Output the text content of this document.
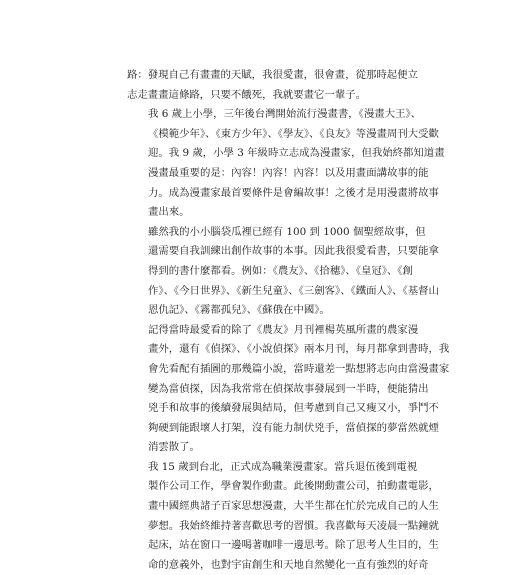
路：發現自己有畫畫的天賦，我很愛畫，很會畫，從那時起便立
志走畫畫這條路，只要不餓死，我就要畫它一輩子。

我 6 歲上小學，三年後台灣開始流行漫畫書，《漫畫大王》、
《模範少年》、《東方少年》、《學友》、《良友》等漫畫周刊大受歡
迎。我 9 歲，小學 3 年級時立志成為漫畫家，但我始終都知道畫
漫畫最重要的是：內容！內容！內容！以及用畫面講故事的能
力。成為漫畫家最首要條件是會編故事！之後才是用漫畫將故事
畫出來。

雖然我的小小腦袋瓜裡已經有 100 到 1000 個聖經故事，但
還需要自我訓練出創作故事的本事。因此我很愛看書，只要能拿
得到的書什麼都看。例如：《農友》、《拾穗》、《皇冠》、《創
作》、《今日世界》、《新生兒童》、《三劍客》、《鐵面人》、《基督山
恩仇記》、《霧都孤兒》、《蘇俄在中國》。

記得當時最愛看的除了《農友》月刊裡楊英風所畫的農家漫
畫外，還有《偵探》、《小說偵探》兩本月刊，每月都拿到書時，我
會先看配有插圖的那幾篇小說，當時還差一點想將志向由當漫畫家
變為當偵探，因為我常常在偵探故事發展到一半時，便能猜出
兇手和故事的後續發展與結局，但考慮到自己又瘦又小，爭鬥不
夠硬到能跟壞人打架，沒有能力制伏兇手，當偵探的夢當然就煙
消雲散了。

我 15 歲到台北，正式成為職業漫畫家。當兵退伍後到電視
製作公司工作，學會製作動畫。此後開動畫公司，拍動畫電影，
畫中國經典諸子百家思想漫畫，大半生都在忙於完成自己的人生
夢想。我始終維持著喜歡思考的習慣。我喜歡每天凌晨一點鐘就
起床，站在窗口一邊喝著咖啡一邊思考。除了思考人生目的，生
命的意義外，也對宇宙創生和天地自然變化一直有強烈的好奇
